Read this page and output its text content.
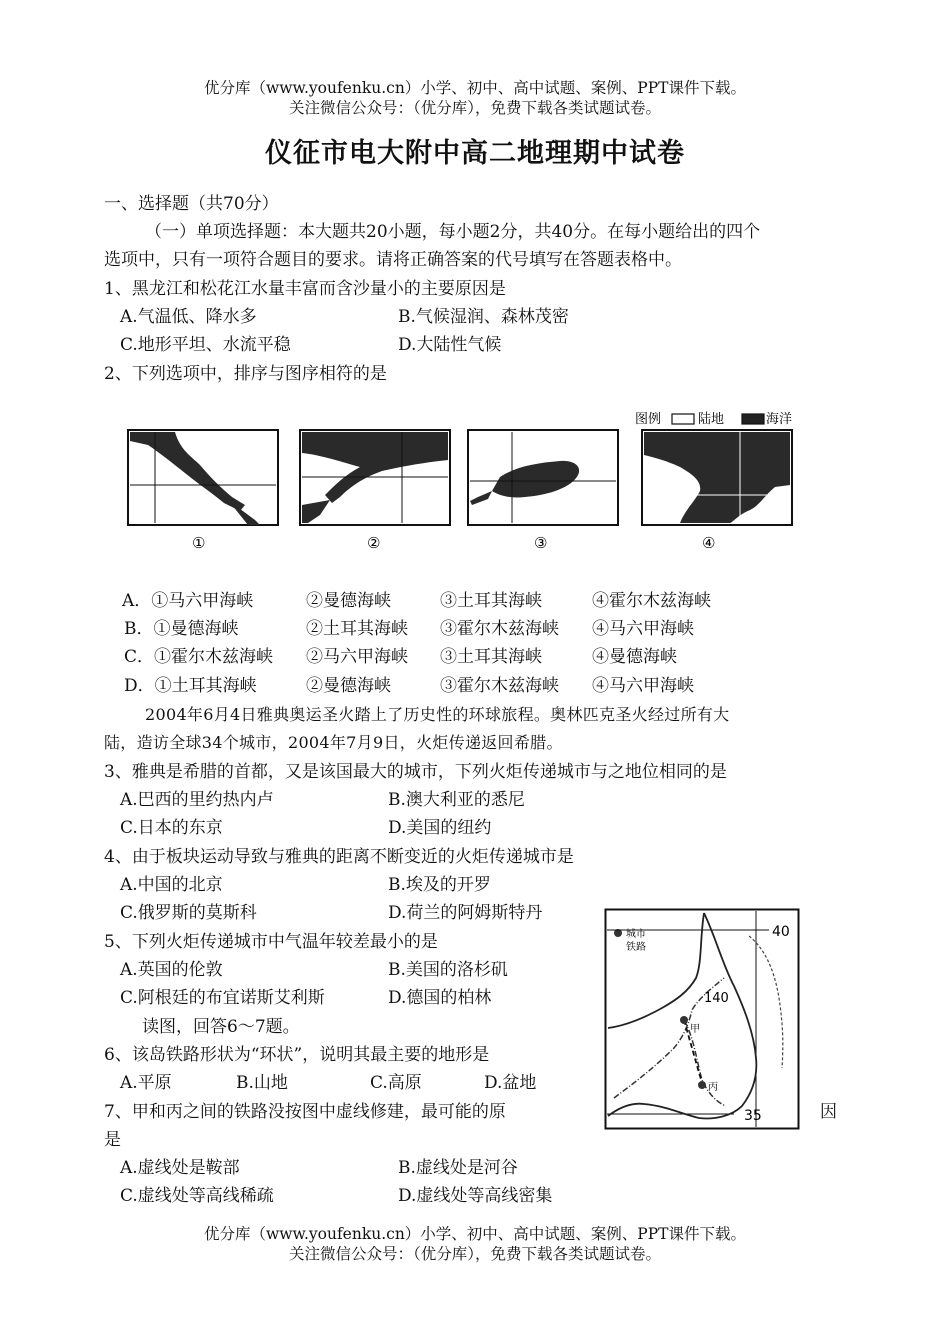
优分库（www.youfenku.cn）小学、初中、高中试题、案例、PPT课件下载。
关注微信公众号：（优分库），免费下载各类试题试卷。
仪征市电大附中高二地理期中试卷
一、选择题（共70分）
（一）单项选择题：本大题共20小题，每小题2分，共40分。在每小题给出的四个
选项中，只有一项符合题目的要求。请将正确答案的代号填写在答题表格中。
1、黑龙江和松花江水量丰富而含沙量小的主要原因是
A.气温低、降水多	B.气候湿润、森林茂密
C.地形平坦、水流平稳	D.大陆性气候
2、下列选项中，排序与图序相符的是
图例	陆地	海洋
①	②	③	④
A．①马六甲海峡	②曼德海峡	③土耳其海峡	④霍尔木兹海峡
B．①曼德海峡	②土耳其海峡 ③霍尔木兹海峡 ④马六甲海峡
C．①霍尔木兹海峡 ②马六甲海峡 ③土耳其海峡	④曼德海峡
D．①土耳其海峡	②曼德海峡	③霍尔木兹海峡 ④马六甲海峡
2004年6月4日雅典奥运圣火踏上了历史性的环球旅程。奥林匹克圣火经过所有大
陆，造访全球34个城市，2004年7月9日，火炬传递返回希腊。
3、雅典是希腊的首都，又是该国最大的城市，下列火炬传递城市与之地位相同的是
A.巴西的里约热内卢	B.澳大利亚的悉尼
C.日本的东京	D.美国的纽约
4、由于板块运动导致与雅典的距离不断变近的火炬传递城市是
A.中国的北京	B.埃及的开罗
C.俄罗斯的莫斯科	D.荷兰的阿姆斯特丹
5、下列火炬传递城市中气温年较差最小的是
A.英国的伦敦	B.美国的洛杉矶
C.阿根廷的布宜诺斯艾利斯	D.德国的柏林
读图，回答6～7题。
6、该岛铁路形状为“环状”，说明其最主要的地形是
A.平原	B.山地	C.高原	D.盆地
7、甲和丙之间的铁路没按图中虚线修建，最可能的原	因
是
A.虚线处是鞍部	B.虚线处是河谷
C.虚线处等高线稀疏	D.虚线处等高线密集
城市
铁路
甲
丙
40
140
35
优分库（www.youfenku.cn）小学、初中、高中试题、案例、PPT课件下载。
关注微信公众号：（优分库），免费下载各类试题试卷。
